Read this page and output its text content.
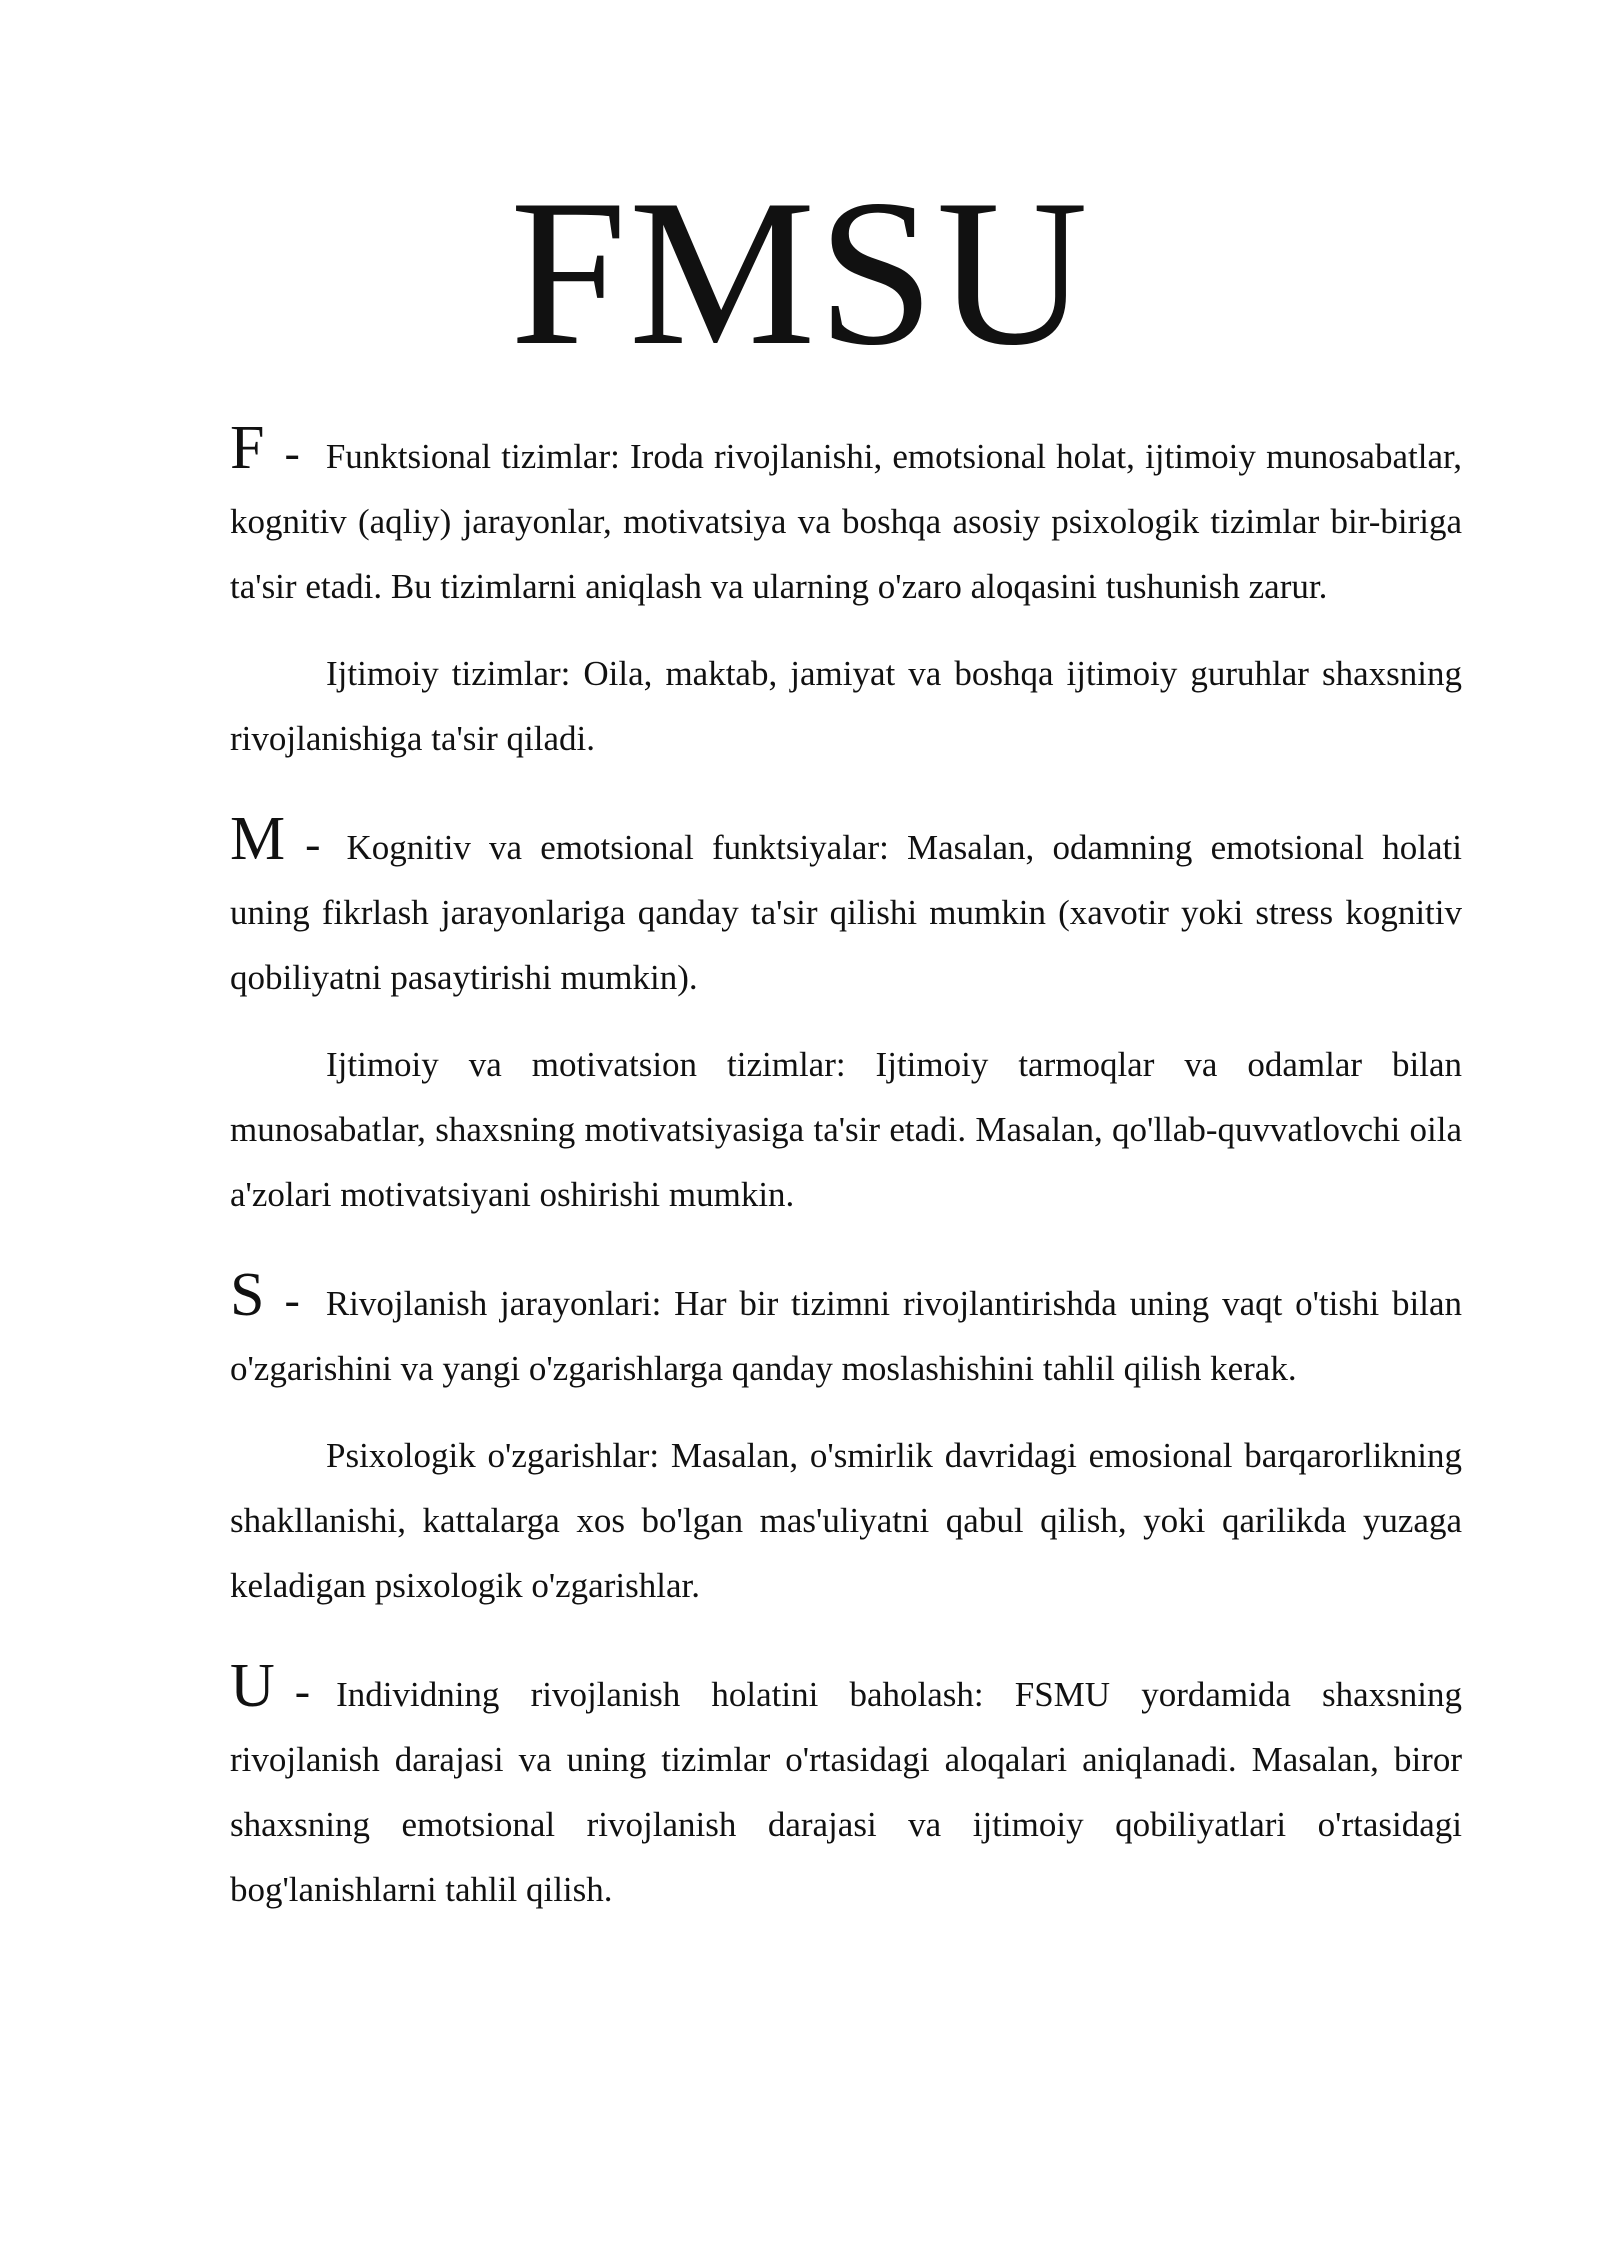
FMSU

F - Funktsional tizimlar: Iroda rivojlanishi, emotsional holat, ijtimoiy munosabatlar, kognitiv (aqliy) jarayonlar, motivatsiya va boshqa asosiy psixologik tizimlar bir-biriga ta'sir etadi. Bu tizimlarni aniqlash va ularning o'zaro aloqasini tushunish zarur.

Ijtimoiy tizimlar: Oila, maktab, jamiyat va boshqa ijtimoiy guruhlar shaxsning rivojlanishiga ta'sir qiladi.

M - Kognitiv va emotsional funktsiyalar: Masalan, odamning emotsional holati uning fikrlash jarayonlariga qanday ta'sir qilishi mumkin (xavotir yoki stress kognitiv qobiliyatni pasaytirishi mumkin).

Ijtimoiy va motivatsion tizimlar: Ijtimoiy tarmoqlar va odamlar bilan munosabatlar, shaxsning motivatsiyasiga ta'sir etadi. Masalan, qo'llab-quvvatlovchi oila a'zolari motivatsiyani oshirishi mumkin.

S - Rivojlanish jarayonlari: Har bir tizimni rivojlantirishda uning vaqt o'tishi bilan o'zgarishini va yangi o'zgarishlarga qanday moslashishini tahlil qilish kerak.

Psixologik o'zgarishlar: Masalan, o'smirlik davridagi emosional barqarorlikning shakllanishi, kattalarga xos bo'lgan mas'uliyatni qabul qilish, yoki qarilikda yuzaga keladigan psixologik o'zgarishlar.

U - Individning rivojlanish holatini baholash: FSMU yordamida shaxsning rivojlanish darajasi va uning tizimlar o'rtasidagi aloqalari aniqlanadi. Masalan, biror shaxsning emotsional rivojlanish darajasi va ijtimoiy qobiliyatlari o'rtasidagi bog'lanishlarni tahlil qilish.
